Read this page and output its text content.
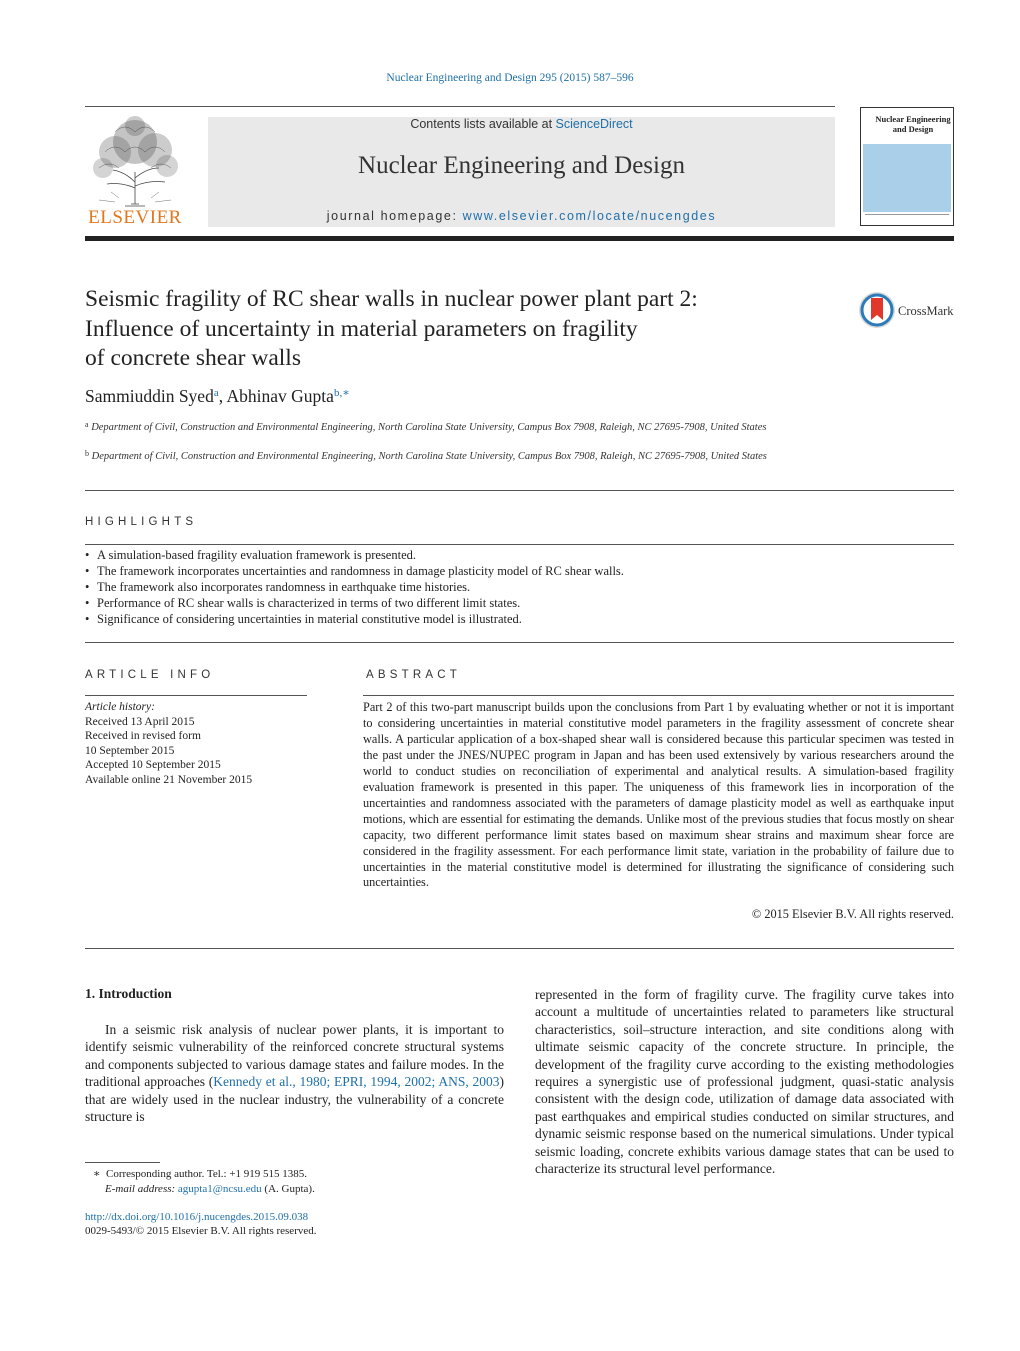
Nuclear Engineering and Design 295 (2015) 587–596
ELSEVIER
Contents lists available at ScienceDirect
Nuclear Engineering and Design
journal homepage: www.elsevier.com/locate/nucengdes
Nuclear Engineering and Design
Seismic fragility of RC shear walls in nuclear power plant part 2:
Influence of uncertainty in material parameters on fragility
of concrete shear walls
CrossMark
Sammiuddin Syed$^a$, Abhinav Gupta$^{b,∗}$
$^a$ Department of Civil, Construction and Environmental Engineering, North Carolina State University, Campus Box 7908, Raleigh, NC 27695-7908, United States
$^b$ Department of Civil, Construction and Environmental Engineering, North Carolina State University, Campus Box 7908, Raleigh, NC 27695-7908, United States
HIGHLIGHTS
• A simulation-based fragility evaluation framework is presented.
• The framework incorporates uncertainties and randomness in damage plasticity model of RC shear walls.
• The framework also incorporates randomness in earthquake time histories.
• Performance of RC shear walls is characterized in terms of two different limit states.
• Significance of considering uncertainties in material constitutive model is illustrated.
ARTICLE INFO
Article history:
Received 13 April 2015
Received in revised form
10 September 2015
Accepted 10 September 2015
Available online 21 November 2015
ABSTRACT

Part 2 of this two-part manuscript builds upon the conclusions from Part 1 by evaluating whether or not it is important to considering uncertainties in material constitutive model parameters in the fragility assessment of concrete shear walls. A particular application of a box-shaped shear wall is considered because this particular specimen was tested in the past under the JNES/NUPEC program in Japan and has been used extensively by various researchers around the world to conduct studies on reconciliation of experimental and analytical results. A simulation-based fragility evaluation framework is presented in this paper. The uniqueness of this framework lies in incorporation of the uncertainties and randomness associated with the parameters of damage plasticity model as well as earthquake input motions, which are essential for estimating the demands. Unlike most of the previous studies that focus mostly on shear capacity, two different performance limit states based on maximum shear strains and maximum shear force are considered in the fragility assessment. For each performance limit state, variation in the probability of failure due to uncertainties in the material constitutive model is determined for illustrating the significance of considering such uncertainties.

© 2015 Elsevier B.V. All rights reserved.
1. Introduction

In a seismic risk analysis of nuclear power plants, it is important to identify seismic vulnerability of the reinforced concrete structural systems and components subjected to various damage states and failure modes. In the traditional approaches (Kennedy et al., 1980; EPRI, 1994, 2002; ANS, 2003) that are widely used in the nuclear industry, the vulnerability of a concrete structure is

represented in the form of fragility curve. The fragility curve takes into account a multitude of uncertainties related to parameters like structural characteristics, soil–structure interaction, and site conditions along with ultimate seismic capacity of the concrete structure. In principle, the development of the fragility curve according to the existing methodologies requires a synergistic use of professional judgment, quasi-static analysis consistent with the design code, utilization of damage data associated with past earthquakes and empirical studies conducted on similar structures, and dynamic seismic response based on the numerical simulations. Under typical seismic loading, concrete exhibits various damage states that can be used to characterize its structural level performance.

∗ Corresponding author. Tel.: +1 919 515 1385.
E-mail address: agupta1@ncsu.edu (A. Gupta).
http://dx.doi.org/10.1016/j.nucengdes.2015.09.038
0029-5493/© 2015 Elsevier B.V. All rights reserved.
